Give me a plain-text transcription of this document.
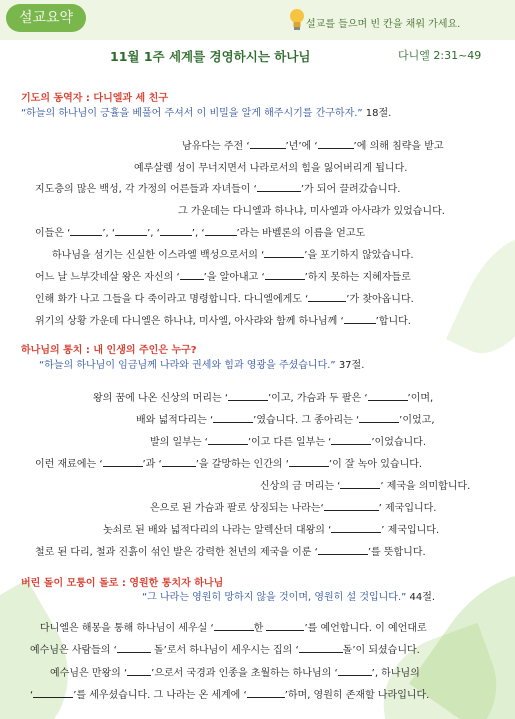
설교요약	설교를 들으며 빈 칸을 채워 가세요.
11월 1주 세계를 경영하시는 하나님	다니엘 2:31~49
기도의 동역자 : 다니엘과 세 친구
“하늘의 하나님이 긍휼을 베풀어 주셔서 이 비밀을 알게 해주시기를 간구하자.” 18절.
남유다는 주전 ‘	’년’에 ‘	’에 의해 침략을 받고
예루살렘 성이 무너지면서 나라로서의 힘을 잃어버리게 됩니다.
지도층의 많은 백성, 각 가정의 어른들과 자녀들이 ‘	’가 되어 끌려갔습니다.
그 가운데는 다니엘과 하나냐, 미사엘과 아사랴가 있었습니다.
이들은 ‘	’, ‘	’, ‘	’, ‘	’라는 바벨론의 이름을 얻고도
하나님을 섬기는 신실한 이스라엘 백성으로서의 ‘	’을 포기하지 않았습니다.
어느 날 느부갓네살 왕은 자신의 ‘ ’을 알아내고 ‘	’하지 못하는 지혜자들로
인해 화가 나고 그들을 다 죽이라고 명령합니다. 다니엘에게도 ‘	’가 찾아옵니다.
위기의 상황 가운데 다니엘은 하나냐, 미사엘, 아사랴와 함께 하나님께 ‘	’합니다.
하나님의 통치 : 내 인생의 주인은 누구?
“하늘의 하나님이 임금님께 나라와 권세와 힘과 영광을 주셨습니다.” 37절.
왕의 꿈에 나온 신상의 머리는 ‘	’이고, 가슴과 두 팔은 ‘	’이며,
배와 넓적다리는 ‘	’였습니다. 그 종아리는 ‘	’이었고,
발의 일부는 ‘	’이고 다른 일부는 ‘	’이었습니다.
이런 재료에는 ‘	’과 ‘	’을 갈망하는 인간의 ‘	’이 잘 녹아 있습니다.
신상의 금 머리는 ‘	’ 제국을 의미합니다.
은으로 된 가슴과 팔로 상징되는 나라는‘	’ 제국입니다.
놋쇠로 된 배와 넓적다리의 나라는 알렉산더 대왕의 ‘	’ 제국입니다.
철로 된 다리, 철과 진흙이 섞인 발은 강력한 천년의 제국을 이룬 ‘	’를 뜻합니다.
버린 돌이 모퉁이 돌로 : 영원한 통치자 하나님
“그 나라는 영원히 망하지 않을 것이며, 영원히 설 것입니다.” 44절.
다니엘은 해몽을 통해 하나님이 세우실 ‘	한	’를 예언합니다. 이 예언대로
예수님은 사람들의 ‘	돌’로서 하나님이 세우시는 집의 ‘	돌’이 되셨습니다.
예수님은 만왕의 ‘ ’으로서 국경과 인종을 초월하는 하나님의 ‘	’, 하나님의
‘	’를 세우셨습니다. 그 나라는 온 세계에 ‘	’하며, 영원히 존재할 나라입니다.
